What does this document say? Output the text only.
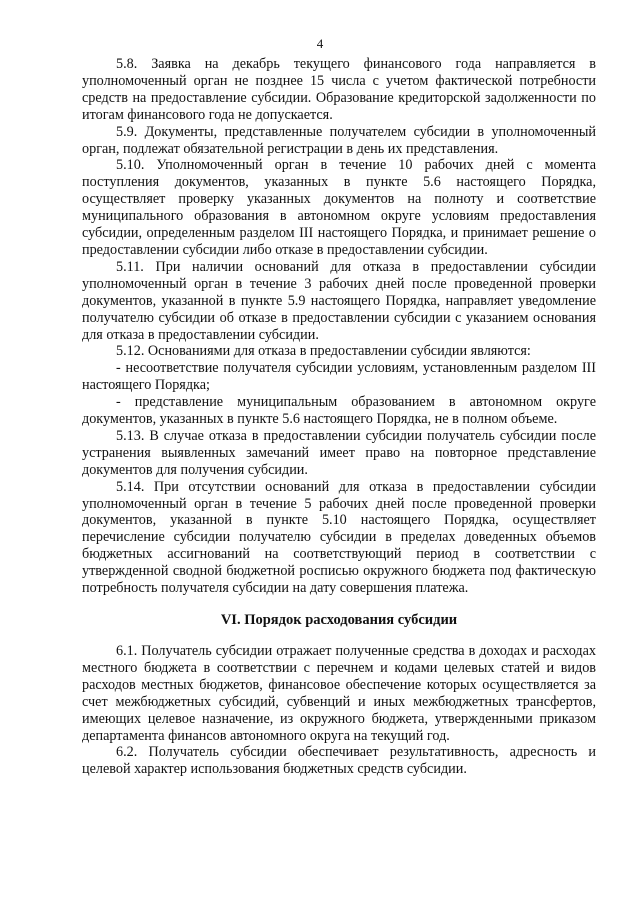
4

5.8. Заявка на декабрь текущего финансового года направляется в уполномоченный орган не позднее 15 числа с учетом фактической потребности средств на предоставление субсидии. Образование кредиторской задолженности по итогам финансового года не допускается.

5.9. Документы, представленные получателем субсидии в уполномоченный орган, подлежат обязательной регистрации в день их представления.

5.10. Уполномоченный орган в течение 10 рабочих дней с момента поступления документов, указанных в пункте 5.6 настоящего Порядка, осуществляет проверку указанных документов на полноту и соответствие муниципального образования в автономном округе условиям предоставления субсидии, определенным разделом III настоящего Порядка, и принимает решение о предоставлении субсидии либо отказе в предоставлении субсидии.

5.11. При наличии оснований для отказа в предоставлении субсидии уполномоченный орган в течение 3 рабочих дней после проведенной проверки документов, указанной в пункте 5.9 настоящего Порядка, направляет уведомление получателю субсидии об отказе в предоставлении субсидии с указанием основания для отказа в предоставлении субсидии.

5.12. Основаниями для отказа в предоставлении субсидии являются:

- несоответствие получателя субсидии условиям, установленным разделом III настоящего Порядка;

- представление муниципальным образованием в автономном округе документов, указанных в пункте 5.6 настоящего Порядка, не в полном объеме.

5.13. В случае отказа в предоставлении субсидии получатель субсидии после устранения выявленных замечаний имеет право на повторное представление документов для получения субсидии.

5.14. При отсутствии оснований для отказа в предоставлении субсидии уполномоченный орган в течение 5 рабочих дней после проведенной проверки документов, указанной в пункте 5.10 настоящего Порядка, осуществляет перечисление субсидии получателю субсидии в пределах доведенных объемов бюджетных ассигнований на соответствующий период в соответствии с утвержденной сводной бюджетной росписью окружного бюджета под фактическую потребность получателя субсидии на дату совершения платежа.

VI. Порядок расходования субсидии

6.1. Получатель субсидии отражает полученные средства в доходах и расходах местного бюджета в соответствии с перечнем и кодами целевых статей и видов расходов местных бюджетов, финансовое обеспечение которых осуществляется за счет межбюджетных субсидий, субвенций и иных межбюджетных трансфертов, имеющих целевое назначение, из окружного бюджета, утвержденными приказом департамента финансов автономного округа на текущий год.

6.2. Получатель субсидии обеспечивает результативность, адресность и целевой характер использования бюджетных средств субсидии.
